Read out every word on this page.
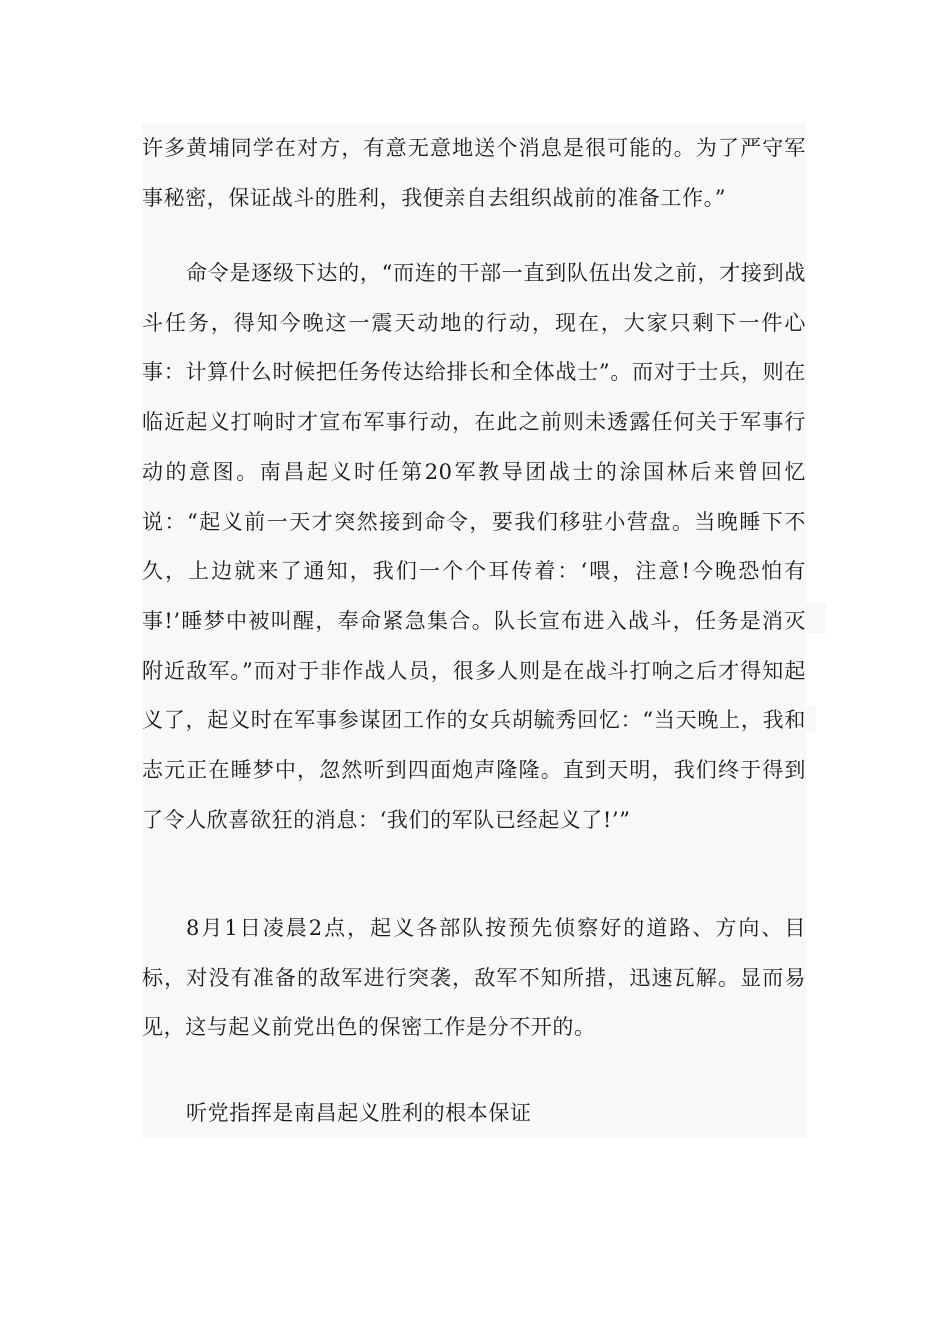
许多黄埔同学在对方，有意无意地送个消息是很可能的。为了严守军事秘密，保证战斗的胜利，我便亲自去组织战前的准备工作。”

命令是逐级下达的，“而连的干部一直到队伍出发之前，才接到战斗任务，得知今晚这一震天动地的行动，现在，大家只剩下一件心事：计算什么时候把任务传达给排长和全体战士”。而对于士兵，则在临近起义打响时才宣布军事行动，在此之前则未透露任何关于军事行动的意图。南昌起义时任第20军教导团战士的涂国林后来曾回忆说：“起义前一天才突然接到命令，要我们移驻小营盘。当晚睡下不久，上边就来了通知，我们一个个耳传着：‘喂，注意!今晚恐怕有事!’睡梦中被叫醒，奉命紧急集合。队长宣布进入战斗，任务是消灭附近敌军。”而对于非作战人员，很多人则是在战斗打响之后才得知起义了，起义时在军事参谋团工作的女兵胡毓秀回忆：“当天晚上，我和志元正在睡梦中，忽然听到四面炮声隆隆。直到天明，我们终于得到了令人欣喜欲狂的消息：‘我们的军队已经起义了!’”

8月1日凌晨2点，起义各部队按预先侦察好的道路、方向、目标，对没有准备的敌军进行突袭，敌军不知所措，迅速瓦解。显而易见，这与起义前党出色的保密工作是分不开的。

听党指挥是南昌起义胜利的根本保证
